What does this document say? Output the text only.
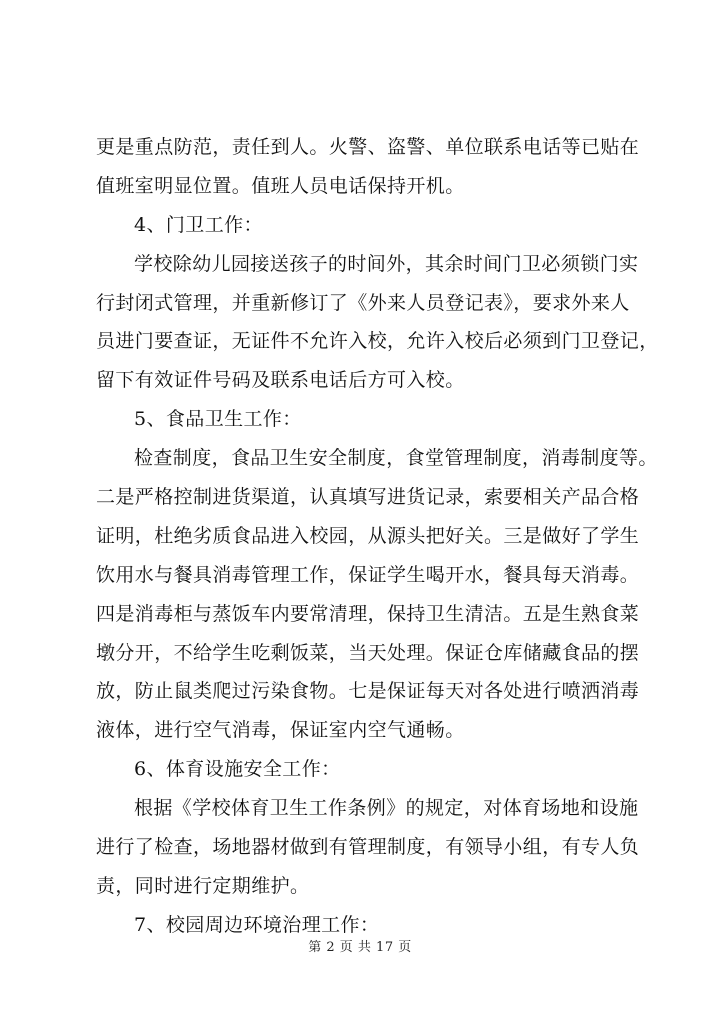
更是重点防范，责任到人。火警、盗警、单位联系电话等已贴在
值班室明显位置。值班人员电话保持开机。
4、门卫工作：
学校除幼儿园接送孩子的时间外，其余时间门卫必须锁门实
行封闭式管理，并重新修订了《外来人员登记表》，要求外来人
员进门要查证，无证件不允许入校，允许入校后必须到门卫登记，
留下有效证件号码及联系电话后方可入校。
5、食品卫生工作：
检查制度，食品卫生安全制度，食堂管理制度，消毒制度等。
二是严格控制进货渠道，认真填写进货记录，索要相关产品合格
证明，杜绝劣质食品进入校园，从源头把好关。三是做好了学生
饮用水与餐具消毒管理工作，保证学生喝开水，餐具每天消毒。
四是消毒柜与蒸饭车内要常清理，保持卫生清洁。五是生熟食菜
墩分开，不给学生吃剩饭菜，当天处理。保证仓库储藏食品的摆
放，防止鼠类爬过污染食物。七是保证每天对各处进行喷洒消毒
液体，进行空气消毒，保证室内空气通畅。
6、体育设施安全工作：
根据《学校体育卫生工作条例》的规定，对体育场地和设施
进行了检查，场地器材做到有管理制度，有领导小组，有专人负
责，同时进行定期维护。
7、校园周边环境治理工作：
第 2 页 共 17 页
